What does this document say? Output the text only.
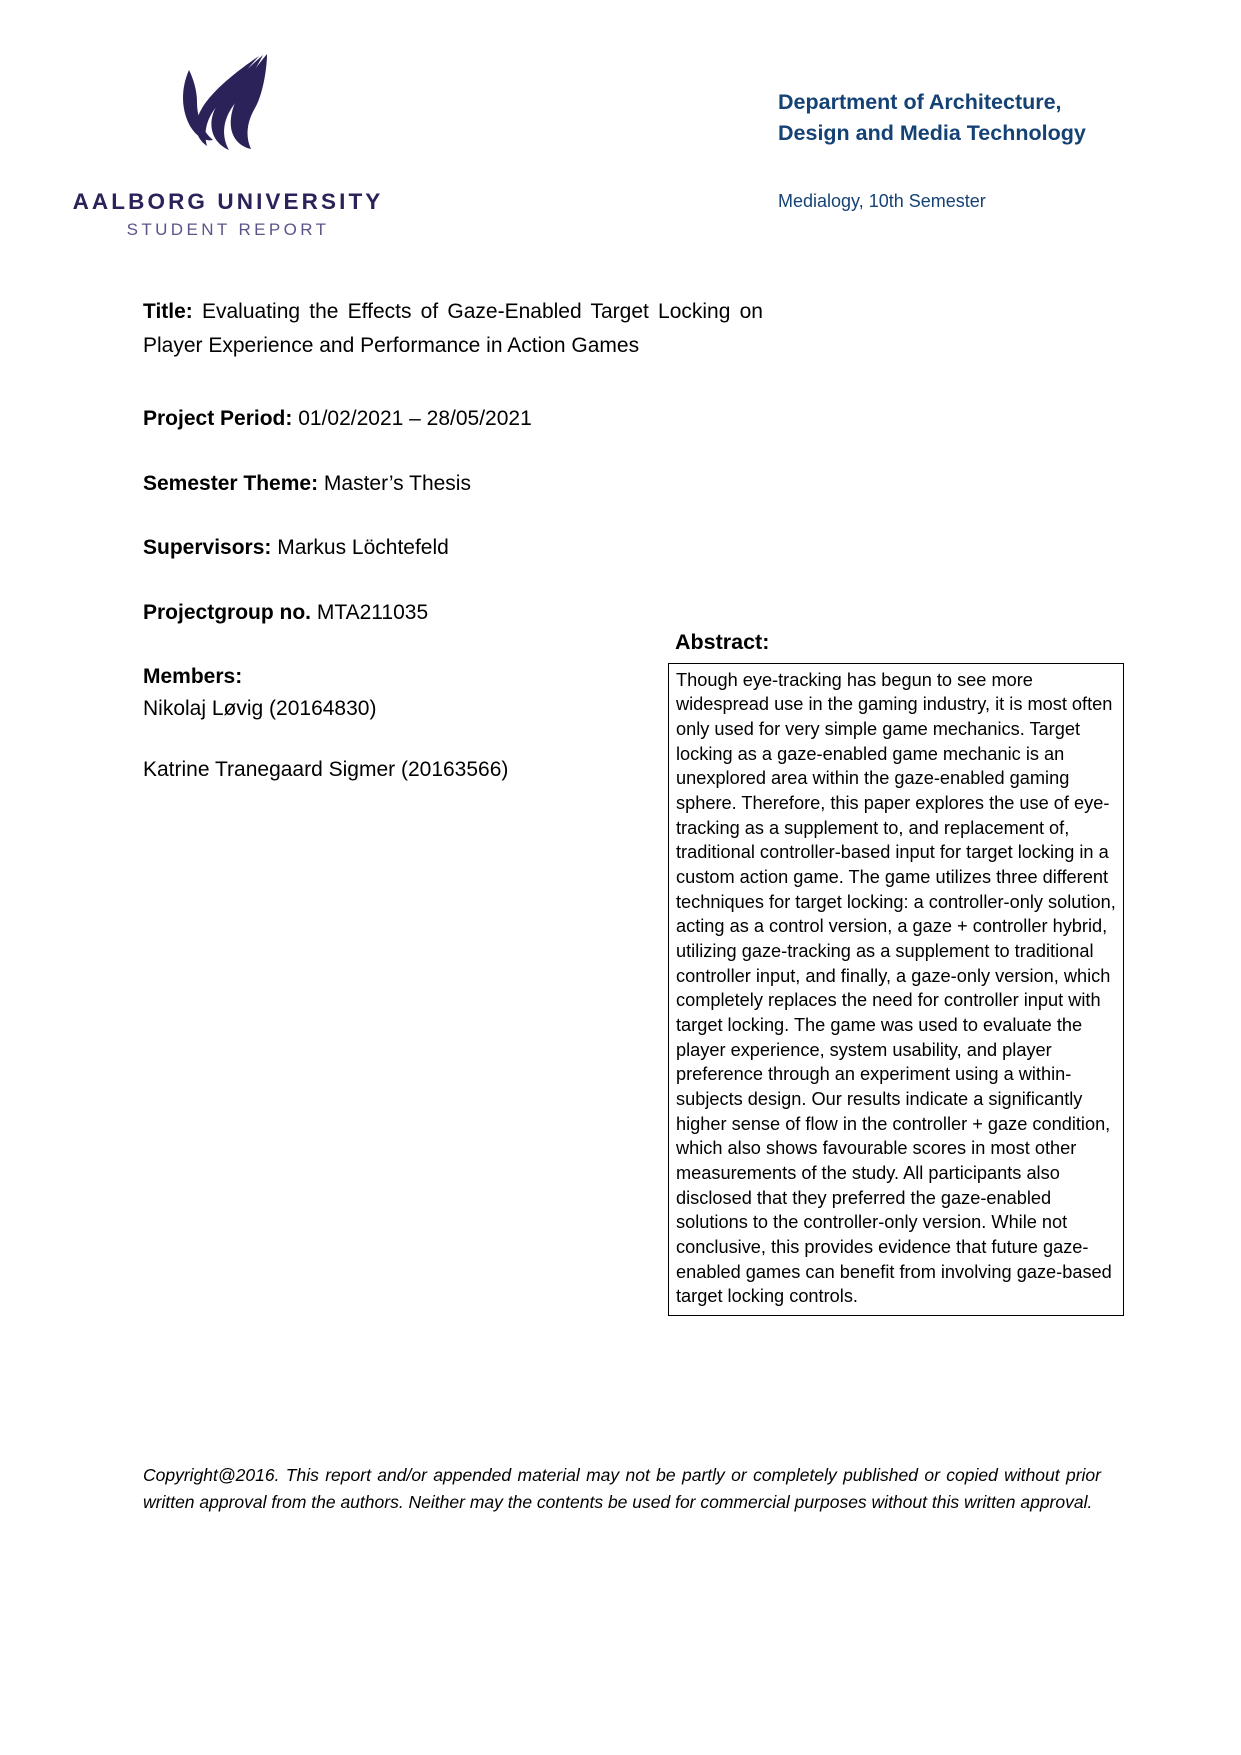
AALBORG UNIVERSITY
STUDENT REPORT
Department of Architecture,
Design and Media Technology
Medialogy, 10th Semester

Title: Evaluating the Effects of Gaze-Enabled Target Locking on Player Experience and Performance in Action Games

Project Period: 01/02/2021 – 28/05/2021

Semester Theme: Master’s Thesis

Supervisors: Markus Löchtefeld

Projectgroup no. MTA211035

Members:

Nikolaj Løvig (20164830)

Katrine Tranegaard Sigmer (20163566)

Abstract:

Though eye-tracking has begun to see more widespread use in the gaming industry, it is most often only used for very simple game mechanics. Target locking as a gaze-enabled game mechanic is an unexplored area within the gaze-enabled gaming sphere. Therefore, this paper explores the use of eye-tracking as a supplement to, and replacement of, traditional controller-based input for target locking in a custom action game. The game utilizes three different techniques for target locking: a controller-only solution, acting as a control version, a gaze + controller hybrid, utilizing gaze-tracking as a supplement to traditional controller input, and finally, a gaze-only version, which completely replaces the need for controller input with target locking. The game was used to evaluate the player experience, system usability, and player preference through an experiment using a within-subjects design. Our results indicate a significantly higher sense of flow in the controller + gaze condition, which also shows favourable scores in most other measurements of the study. All participants also disclosed that they preferred the gaze-enabled solutions to the controller-only version. While not conclusive, this provides evidence that future gaze-enabled games can benefit from involving gaze-based target locking controls.

Copyright@2016. This report and/or appended material may not be partly or completely published or copied without prior written approval from the authors. Neither may the contents be used for commercial purposes without this written approval.
